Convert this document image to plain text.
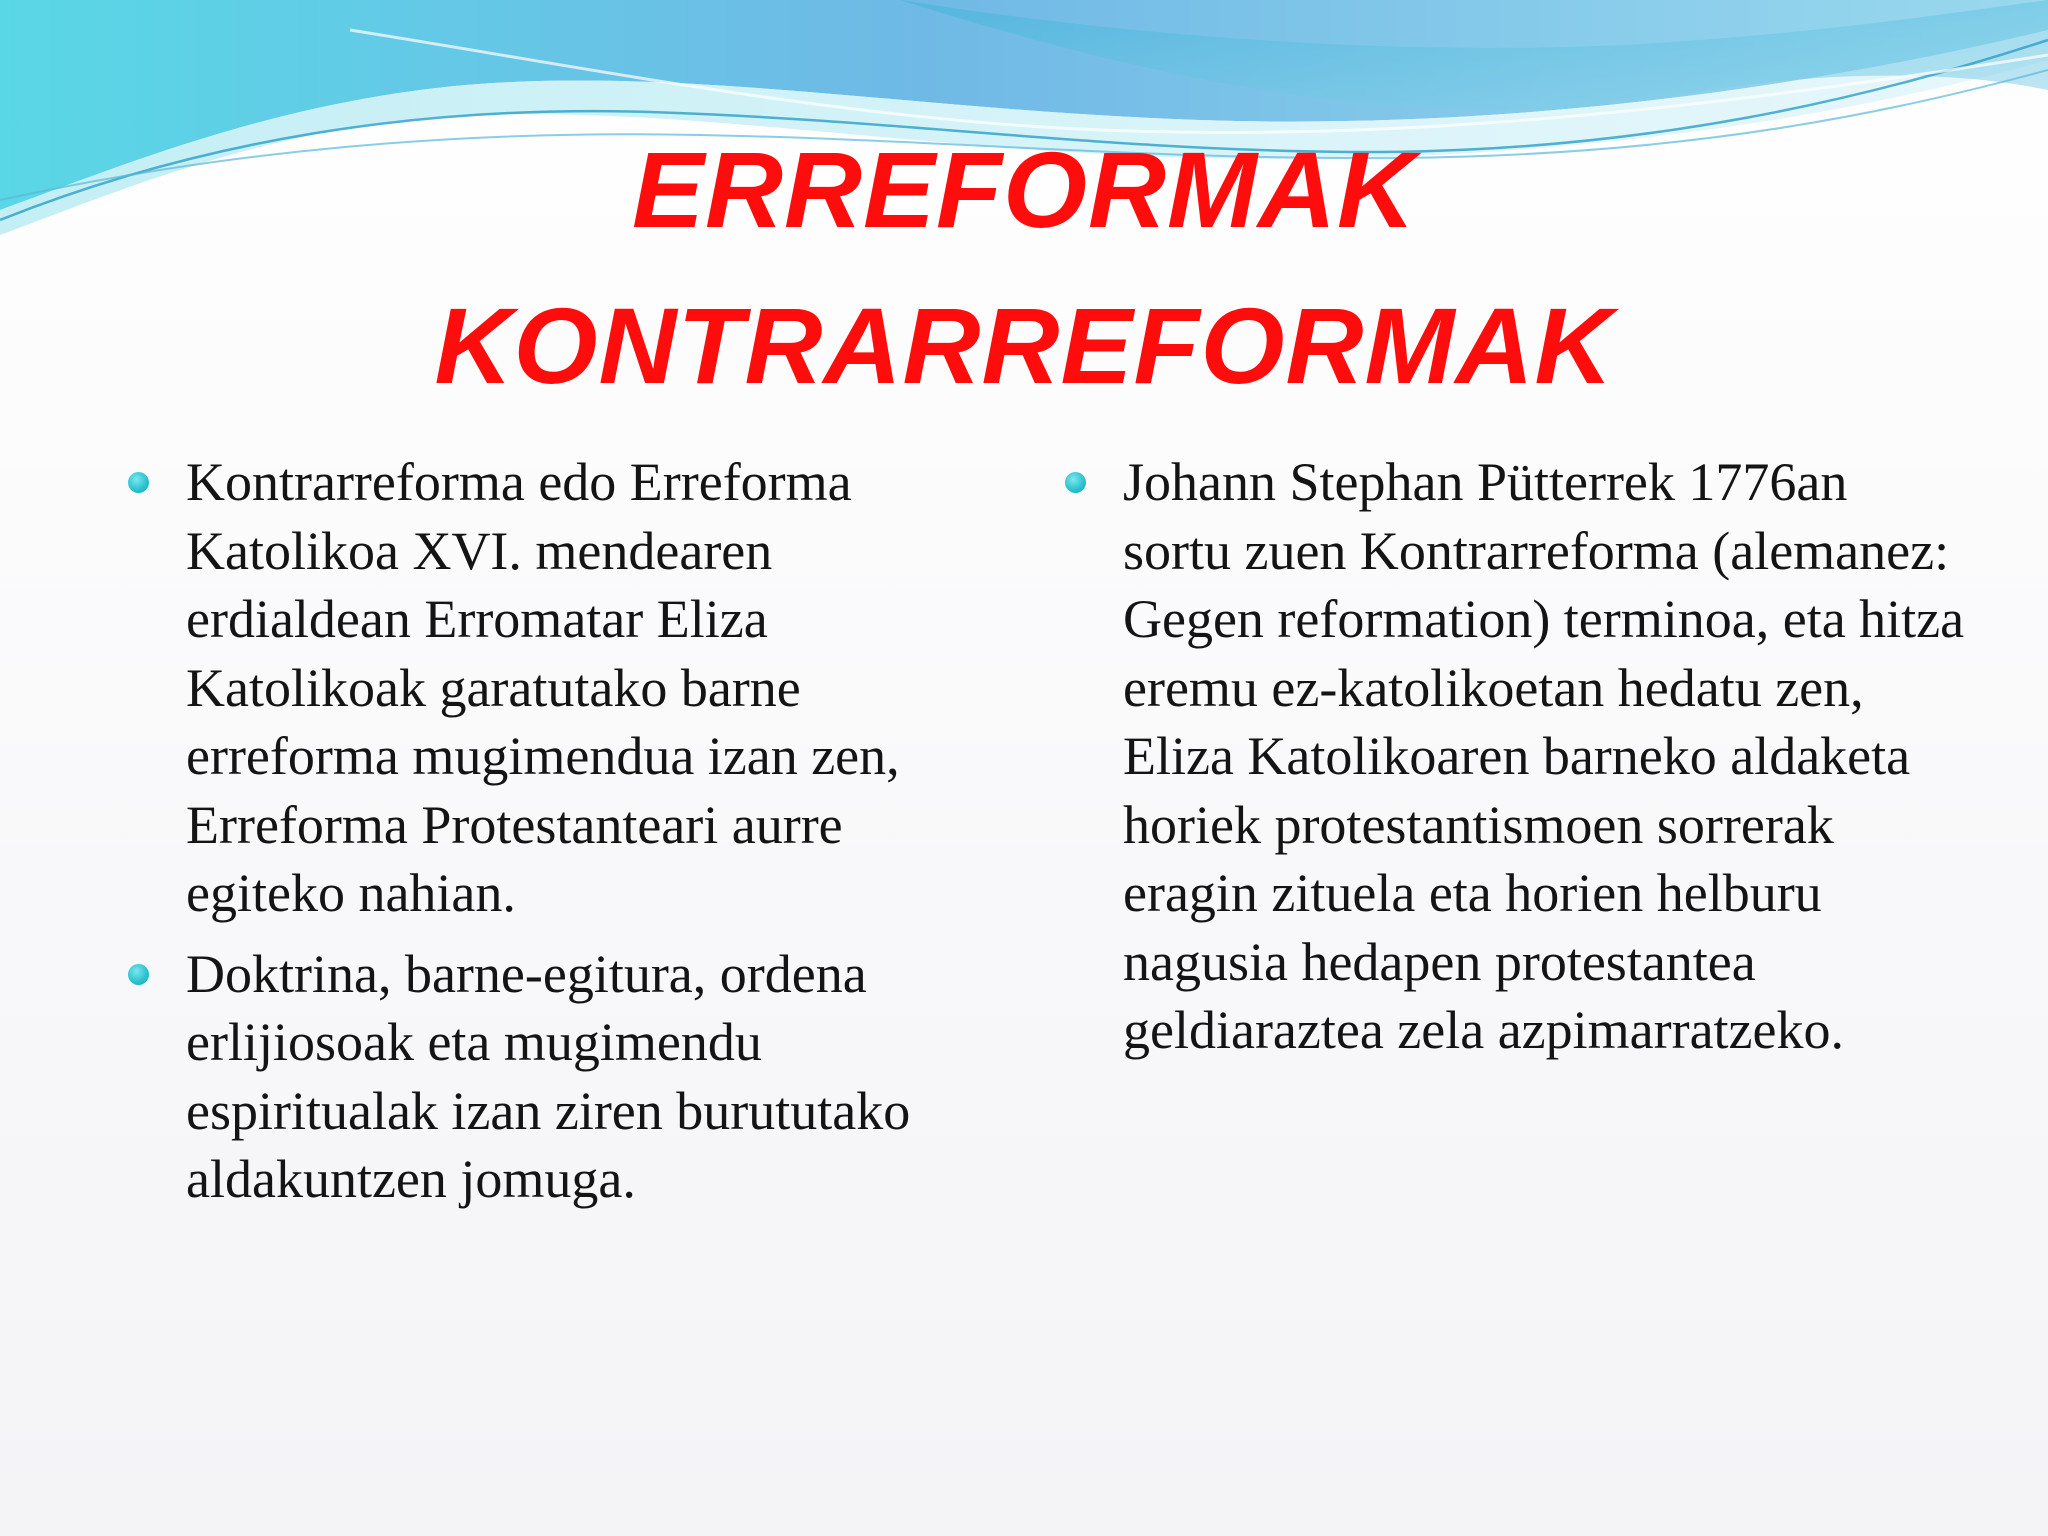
ERREFORMAK
KONTRARREFORMAK
Kontrarreforma edo Erreforma Katolikoa XVI. mendearen erdialdean Erromatar Eliza Katolikoak garatutako barne erreforma mugimendua izan zen, Erreforma Protestanteari aurre egiteko nahian.
Doktrina, barne-egitura, ordena erlijiosoak eta mugimendu espiritualak izan ziren burututako aldakuntzen jomuga.
Johann Stephan Pütterrek 1776an sortu zuen Kontrarreforma (alemanez: Gegen reformation) terminoa, eta hitza eremu ez-katolikoetan hedatu zen, Eliza Katolikoaren barneko aldaketa horiek protestantismoen sorrerak eragin zituela eta horien helburu nagusia hedapen protestantea geldiaraztea zela azpimarratzeko.
